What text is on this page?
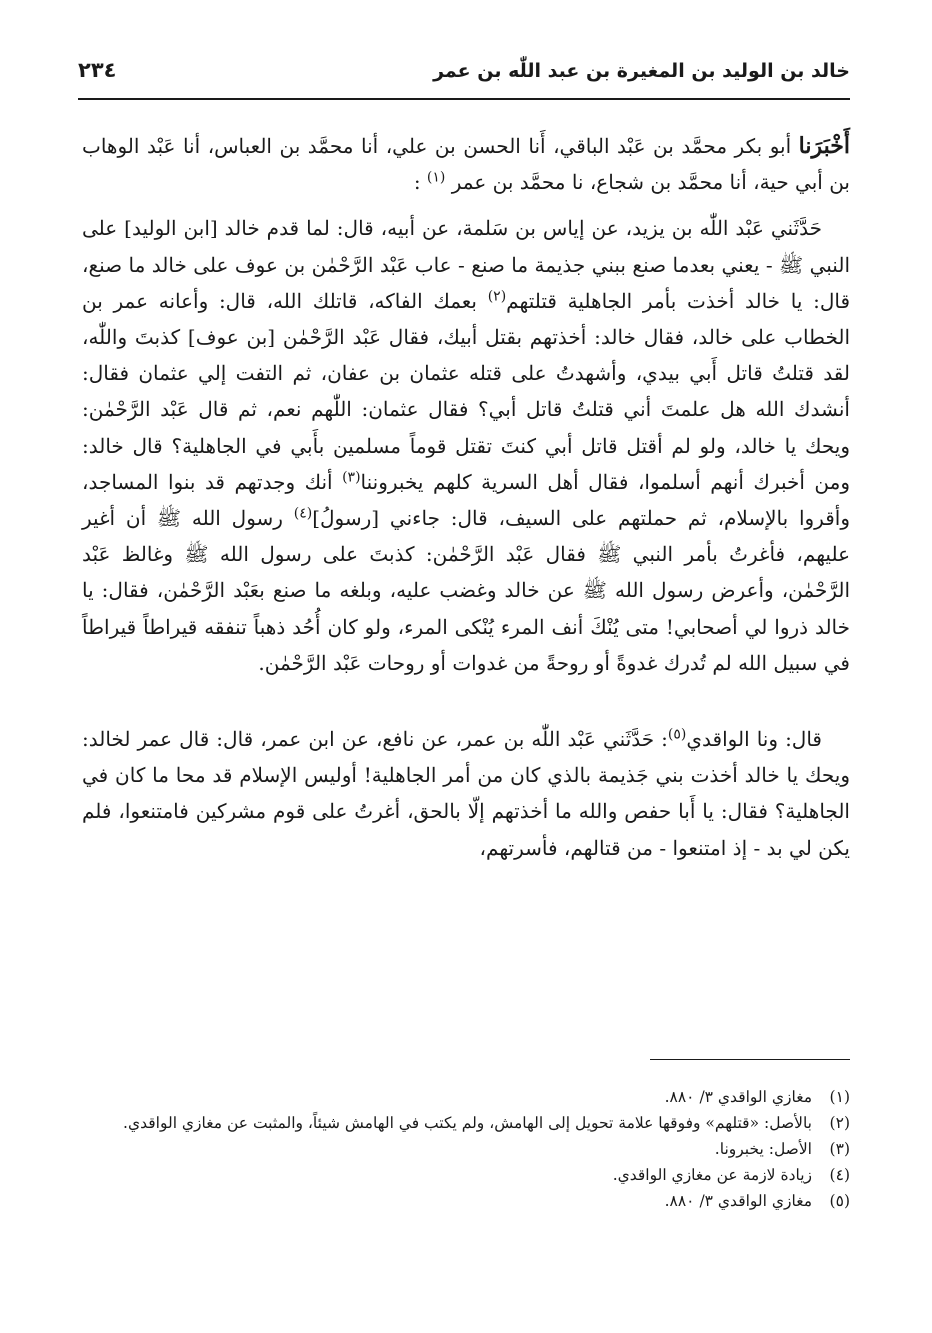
خالد بن الوليد بن المغيرة بن عبد اللّٰه بن عمر
٢٣٤

أَخْبَرَنا أبو بكر محمَّد بن عَبْد الباقي، أَنا الحسن بن علي، أنا محمَّد بن العباس، أنا عَبْد الوهاب بن أبي حية، أنا محمَّد بن شجاع، نا محمَّد بن عمر $^{(١)}$ :

حَدَّثَني عَبْد اللّٰه بن يزيد، عن إياس بن سَلمة، عن أبيه، قال: لما قدم خالد [ابن الوليد] على النبي ﷺ - يعني بعدما صنع ببني جذيمة ما صنع - عاب عَبْد الرَّحْمٰن بن عوف على خالد ما صنع، قال: يا خالد أخذت بأمر الجاهلية قتلتهم$^{(٢)}$ بعمك الفاكه، قاتلك الله، قال: وأعانه عمر بن الخطاب على خالد، فقال خالد: أخذتهم بقتل أبيك، فقال عَبْد الرَّحْمٰن [بن عوف] كذبتَ واللّٰه، لقد قتلتُ قاتل أَبي بيدي، وأشهدتُ على قتله عثمان بن عفان، ثم التفت إلي عثمان فقال: أنشدك الله هل علمتَ أني قتلتُ قاتل أبي؟ فقال عثمان: اللّٰهم نعم، ثم قال عَبْد الرَّحْمٰن: ويحك يا خالد، ولو لم أقتل قاتل أبي كنتَ تقتل قوماً مسلمين بأَبي في الجاهلية؟ قال خالد: ومن أخبرك أنهم أسلموا، فقال أهل السرية كلهم يخبروننا$^{(٣)}$ أنك وجدتهم قد بنوا المساجد، وأقروا بالإسلام، ثم حملتهم على السيف، قال: جاءني [رسولُ]$^{(٤)}$ رسول الله ﷺ أن أغير عليهم، فأغرتُ بأمر النبي ﷺ فقال عَبْد الرَّحْمٰن: كذبتَ على رسول الله ﷺ وغالظ عَبْد الرَّحْمٰن، وأعرض رسول الله ﷺ عن خالد وغضب عليه، وبلغه ما صنع بعَبْد الرَّحْمٰن، فقال: يا خالد ذروا لي أصحابي! متى يُنْكَ أنف المرء يُنْكى المرء، ولو كان أُحُد ذهباً تنفقه قيراطاً قيراطاً في سبيل الله لم تُدرك غدوةً أو روحةً من غدوات أو روحات عَبْد الرَّحْمٰن.

قال: ونا الواقدي$^{(٥)}$: حَدَّثَني عَبْد اللّٰه بن عمر، عن نافع، عن ابن عمر، قال: قال عمر لخالد: ويحك يا خالد أخذت بني جَذيمة بالذي كان من أمر الجاهلية! أوليس الإسلام قد محا ما كان في الجاهلية؟ فقال: يا أَبا حفص والله ما أخذتهم إلّا بالحق، أغرتُ على قوم مشركين فامتنعوا، فلم يكن لي بد - إذ امتنعوا - من قتالهم، فأسرتهم،

(١)
مغازي الواقدي ٣/ ٨٨٠.
(٢)
بالأصل: «قتلهم» وفوقها علامة تحويل إلى الهامش، ولم يكتب في الهامش شيئاً، والمثبت عن مغازي الواقدي.
(٣)
الأصل: يخبرونا.
(٤)
زيادة لازمة عن مغازي الواقدي.
(٥)
مغازي الواقدي ٣/ ٨٨٠.
